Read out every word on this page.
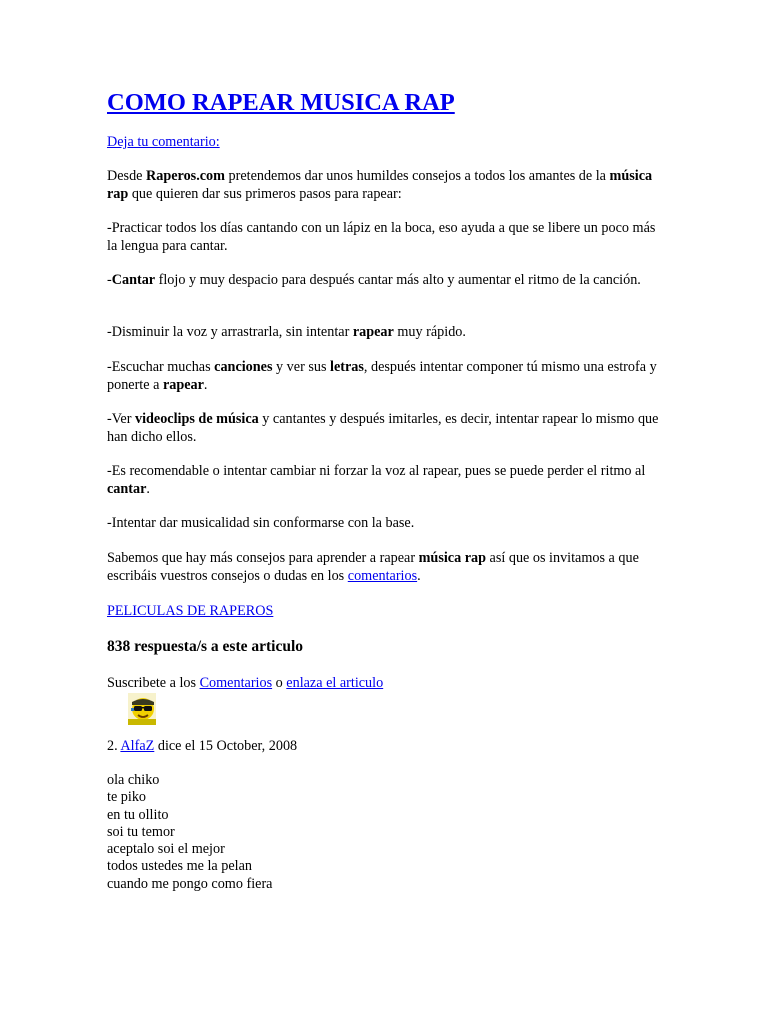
COMO RAPEAR MUSICA RAP

Deja tu comentario:

Desde Raperos.com pretendemos dar unos humildes consejos a todos los amantes de la música rap que quieren dar sus primeros pasos para rapear:

-Practicar todos los días cantando con un lápiz en la boca, eso ayuda a que se libere un poco más la lengua para cantar.

-Cantar flojo y muy despacio para después cantar más alto y aumentar el ritmo de la canción.

-Disminuir la voz y arrastrarla, sin intentar rapear muy rápido.

-Escuchar muchas canciones y ver sus letras, después intentar componer tú mismo una estrofa y ponerte a rapear.

-Ver videoclips de música y cantantes y después imitarles, es decir, intentar rapear lo mismo que han dicho ellos.

-Es recomendable o intentar cambiar ni forzar la voz al rapear, pues se puede perder el ritmo al cantar.

-Intentar dar musicalidad sin conformarse con la base.

Sabemos que hay más consejos para aprender a rapear música rap así que os invitamos a que escribáis vuestros consejos o dudas en los comentarios.

PELICULAS DE RAPEROS

838 respuesta/s a este articulo

Suscribete a los Comentarios o enlaza el articulo

2. AlfaZ dice el 15 October, 2008

ola chiko
te piko
en tu ollito
soi tu temor
aceptalo soi el mejor
todos ustedes me la pelan
cuando me pongo como fiera
